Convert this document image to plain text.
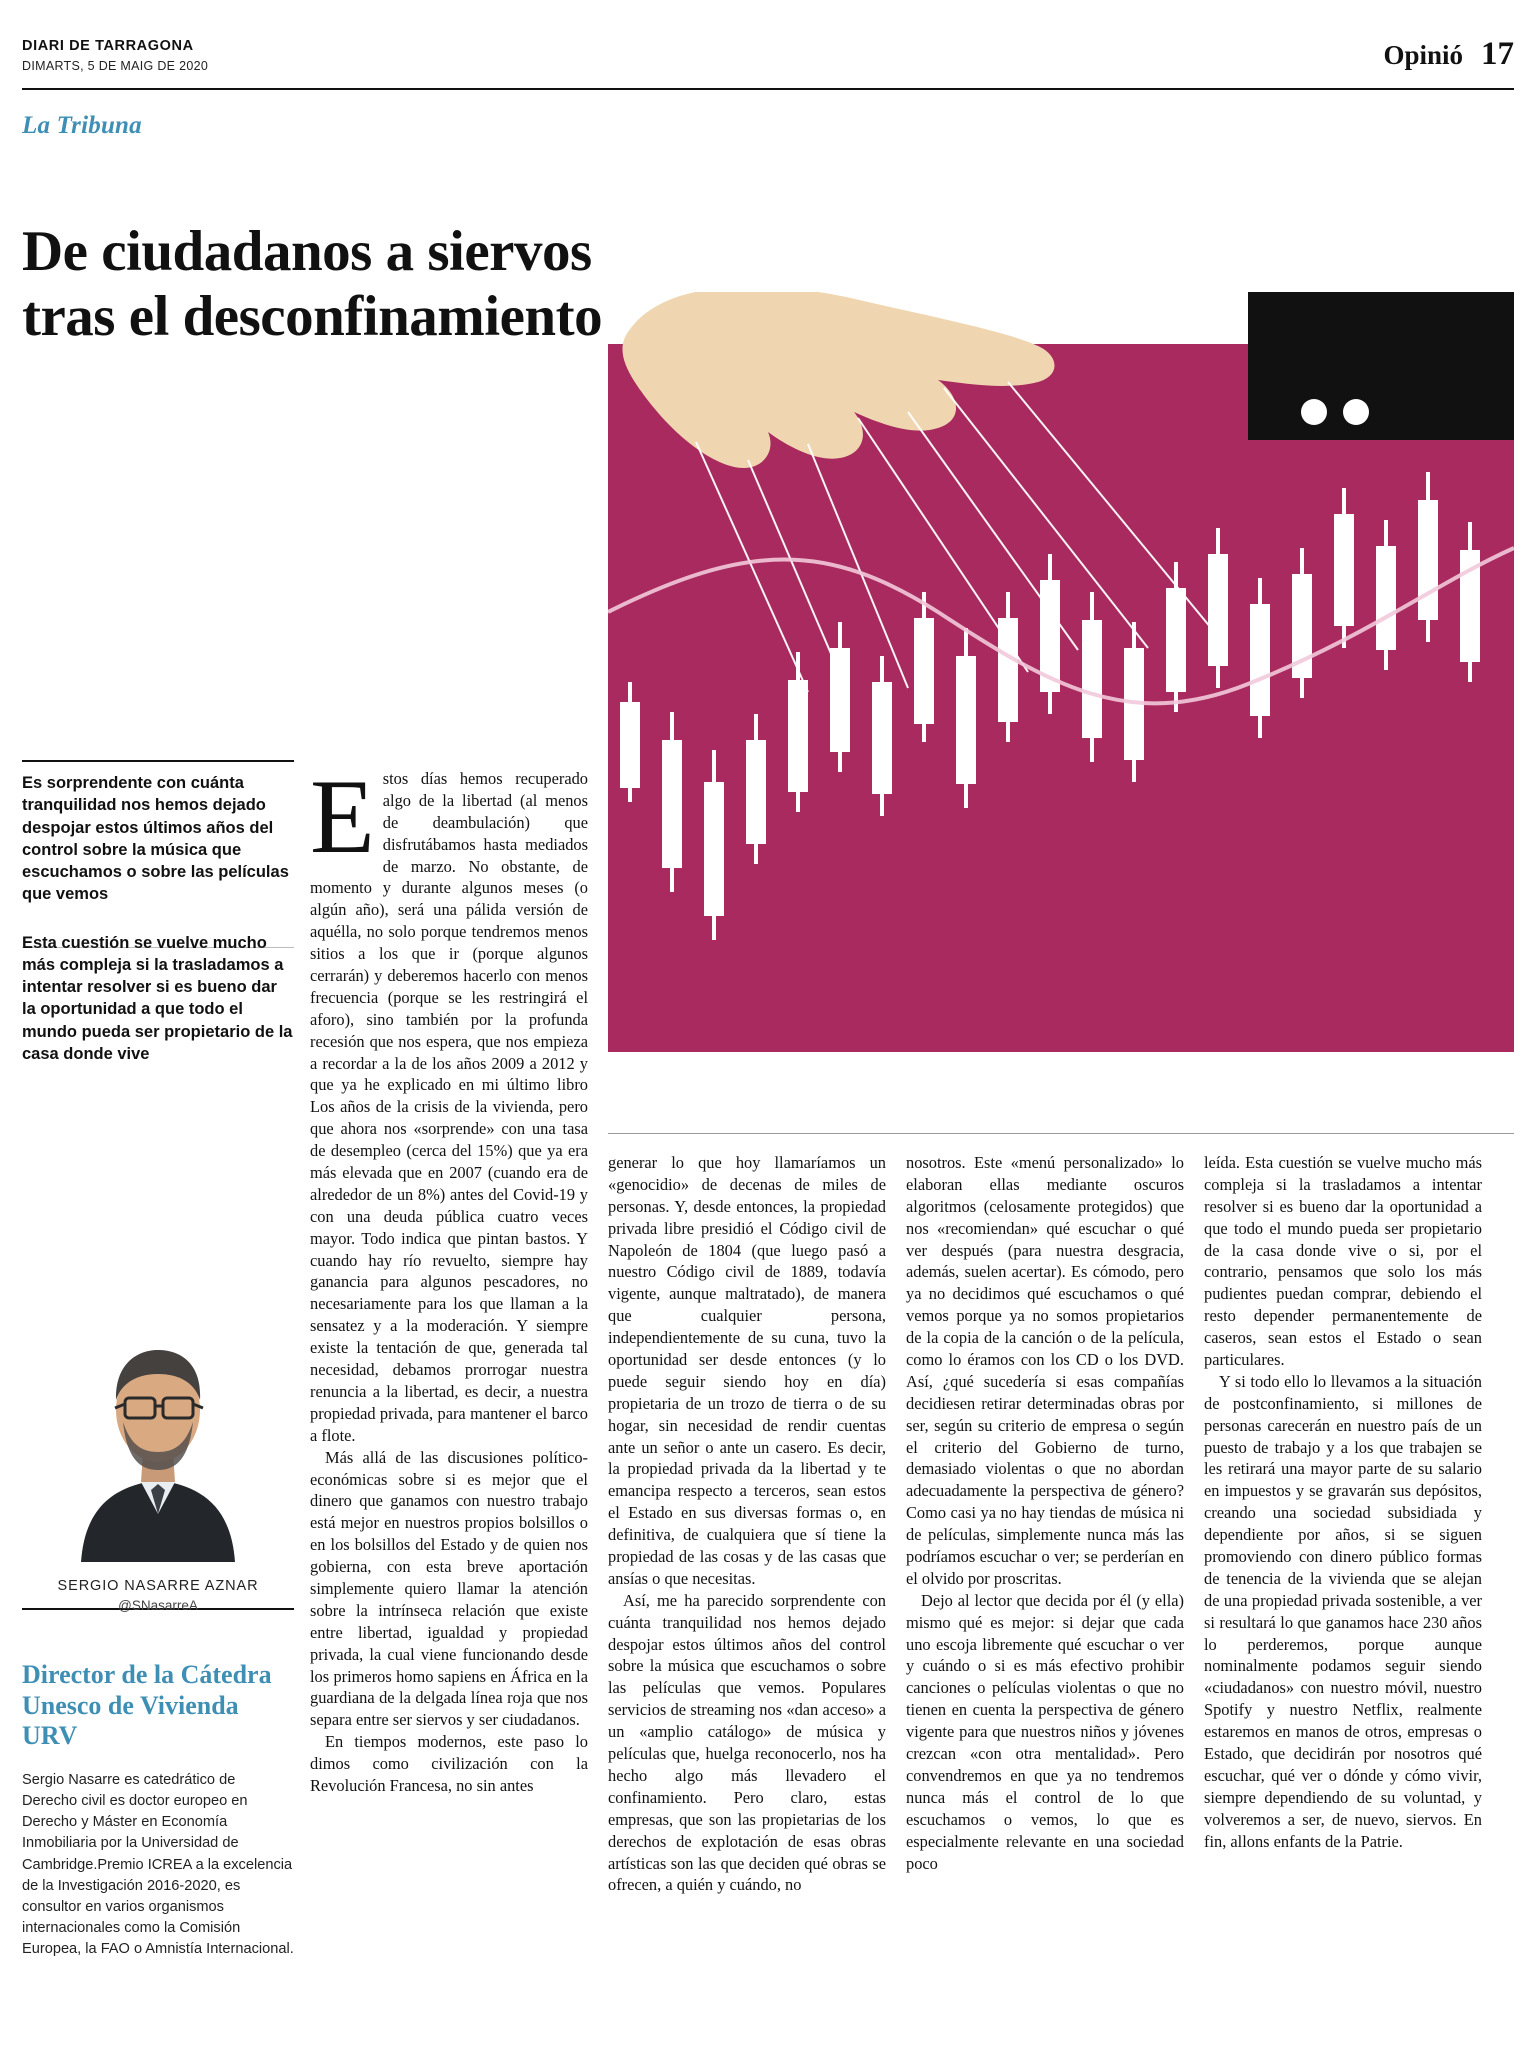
DIARI DE TARRAGONA
DIMARTS, 5 DE MAIG DE 2020	Opinió 17
La Tribuna
De ciudadanos a siervos tras el desconfinamiento
Es sorprendente con cuánta tranquilidad nos hemos dejado despojar estos últimos años del control sobre la música que escuchamos o sobre las películas que vemos
Esta cuestión se vuelve mucho más compleja si la trasladamos a intentar resolver si es bueno dar la oportunidad a que todo el mundo pueda ser propietario de la casa donde vive
SERGIO NASARRE AZNAR
@SNasarreA
Director de la Cátedra Unesco de Vivienda URV
Sergio Nasarre es catedrático de Derecho civil es doctor europeo en Derecho y Máster en Economía Inmobiliaria por la Universidad de Cambridge.Premio ICREA a la excelencia de la Investigación 2016-2020, es consultor en varios organismos internacionales como la Comisión Europea, la FAO o Amnistía Internacional.

Estos días hemos recuperado algo de la libertad (al menos de deambulación) que disfrutábamos hasta mediados de marzo. No obstante, de momento y durante algunos meses (o algún año), será una pálida versión de aquélla, no solo porque tendremos menos sitios a los que ir (porque algunos cerrarán) y deberemos hacerlo con menos frecuencia (porque se les restringirá el aforo), sino también por la profunda recesión que nos espera, que nos empieza a recordar a la de los años 2009 a 2012 y que ya he explicado en mi último libro Los años de la crisis de la vivienda, pero que ahora nos «sorprende» con una tasa de desempleo (cerca del 15%) que ya era más elevada que en 2007 (cuando era de alrededor de un 8%) antes del Covid-19 y con una deuda pública cuatro veces mayor. Todo indica que pintan bastos. Y cuando hay río revuelto, siempre hay ganancia para algunos pescadores, no necesariamente para los que llaman a la sensatez y a la moderación. Y siempre existe la tentación de que, generada tal necesidad, debamos prorrogar nuestra renuncia a la libertad, es decir, a nuestra propiedad privada, para mantener el barco a flote.

Más allá de las discusiones político-económicas sobre si es mejor que el dinero que ganamos con nuestro trabajo está mejor en nuestros propios bolsillos o en los bolsillos del Estado y de quien nos gobierna, con esta breve aportación simplemente quiero llamar la atención sobre la intrínseca relación que existe entre libertad, igualdad y propiedad privada, la cual viene funcionando desde los primeros homo sapiens en África en la guardiana de la delgada línea roja que nos separa entre ser siervos y ser ciudadanos.

En tiempos modernos, este paso lo dimos como civilización con la Revolución Francesa, no sin antes

generar lo que hoy llamaríamos un «genocidio» de decenas de miles de personas. Y, desde entonces, la propiedad privada libre presidió el Código civil de Napoleón de 1804 (que luego pasó a nuestro Código civil de 1889, todavía vigente, aunque maltratado), de manera que cualquier persona, independientemente de su cuna, tuvo la oportunidad ser desde entonces (y lo puede seguir siendo hoy en día) propietaria de un trozo de tierra o de su hogar, sin necesidad de rendir cuentas ante un señor o ante un casero. Es decir, la propiedad privada da la libertad y te emancipa respecto a terceros, sean estos el Estado en sus diversas formas o, en definitiva, de cualquiera que sí tiene la propiedad de las cosas y de las casas que ansías o que necesitas.

Así, me ha parecido sorprendente con cuánta tranquilidad nos hemos dejado despojar estos últimos años del control sobre la música que escuchamos o sobre las películas que vemos. Populares servicios de streaming nos «dan acceso» a un «amplio catálogo» de música y películas que, huelga reconocerlo, nos ha hecho algo más llevadero el confinamiento. Pero claro, estas empresas, que son las propietarias de los derechos de explotación de esas obras artísticas son las que deciden qué obras se ofrecen, a quién y cuándo, no

nosotros. Este «menú personalizado» lo elaboran ellas mediante oscuros algoritmos (celosamente protegidos) que nos «recomiendan» qué escuchar o qué ver después (para nuestra desgracia, además, suelen acertar). Es cómodo, pero ya no decidimos qué escuchamos o qué vemos porque ya no somos propietarios de la copia de la canción o de la película, como lo éramos con los CD o los DVD. Así, ¿qué sucedería si esas compañías decidiesen retirar determinadas obras por ser, según su criterio de empresa o según el criterio del Gobierno de turno, demasiado violentas o que no abordan adecuadamente la perspectiva de género? Como casi ya no hay tiendas de música ni de películas, simplemente nunca más las podríamos escuchar o ver; se perderían en el olvido por proscritas.

Dejo al lector que decida por él (y ella) mismo qué es mejor: si dejar que cada uno escoja libremente qué escuchar o ver y cuándo o si es más efectivo prohibir canciones o películas violentas o que no tienen en cuenta la perspectiva de género vigente para que nuestros niños y jóvenes crezcan «con otra mentalidad». Pero convendremos en que ya no tendremos nunca más el control de lo que escuchamos o vemos, lo que es especialmente relevante en una sociedad poco

leída. Esta cuestión se vuelve mucho más compleja si la trasladamos a intentar resolver si es bueno dar la oportunidad a que todo el mundo pueda ser propietario de la casa donde vive o si, por el contrario, pensamos que solo los más pudientes puedan comprar, debiendo el resto depender permanentemente de caseros, sean estos el Estado o sean particulares.

Y si todo ello lo llevamos a la situación de postconfinamiento, si millones de personas carecerán en nuestro país de un puesto de trabajo y a los que trabajen se les retirará una mayor parte de su salario en impuestos y se gravarán sus depósitos, creando una sociedad subsidiada y dependiente por años, si se siguen promoviendo con dinero público formas de tenencia de la vivienda que se alejan de una propiedad privada sostenible, a ver si resultará lo que ganamos hace 230 años lo perderemos, porque aunque nominalmente podamos seguir siendo «ciudadanos» con nuestro móvil, nuestro Spotify y nuestro Netflix, realmente estaremos en manos de otros, empresas o Estado, que decidirán por nosotros qué escuchar, qué ver o dónde y cómo vivir, siempre dependiendo de su voluntad, y volveremos a ser, de nuevo, siervos. En fin, allons enfants de la Patrie.
